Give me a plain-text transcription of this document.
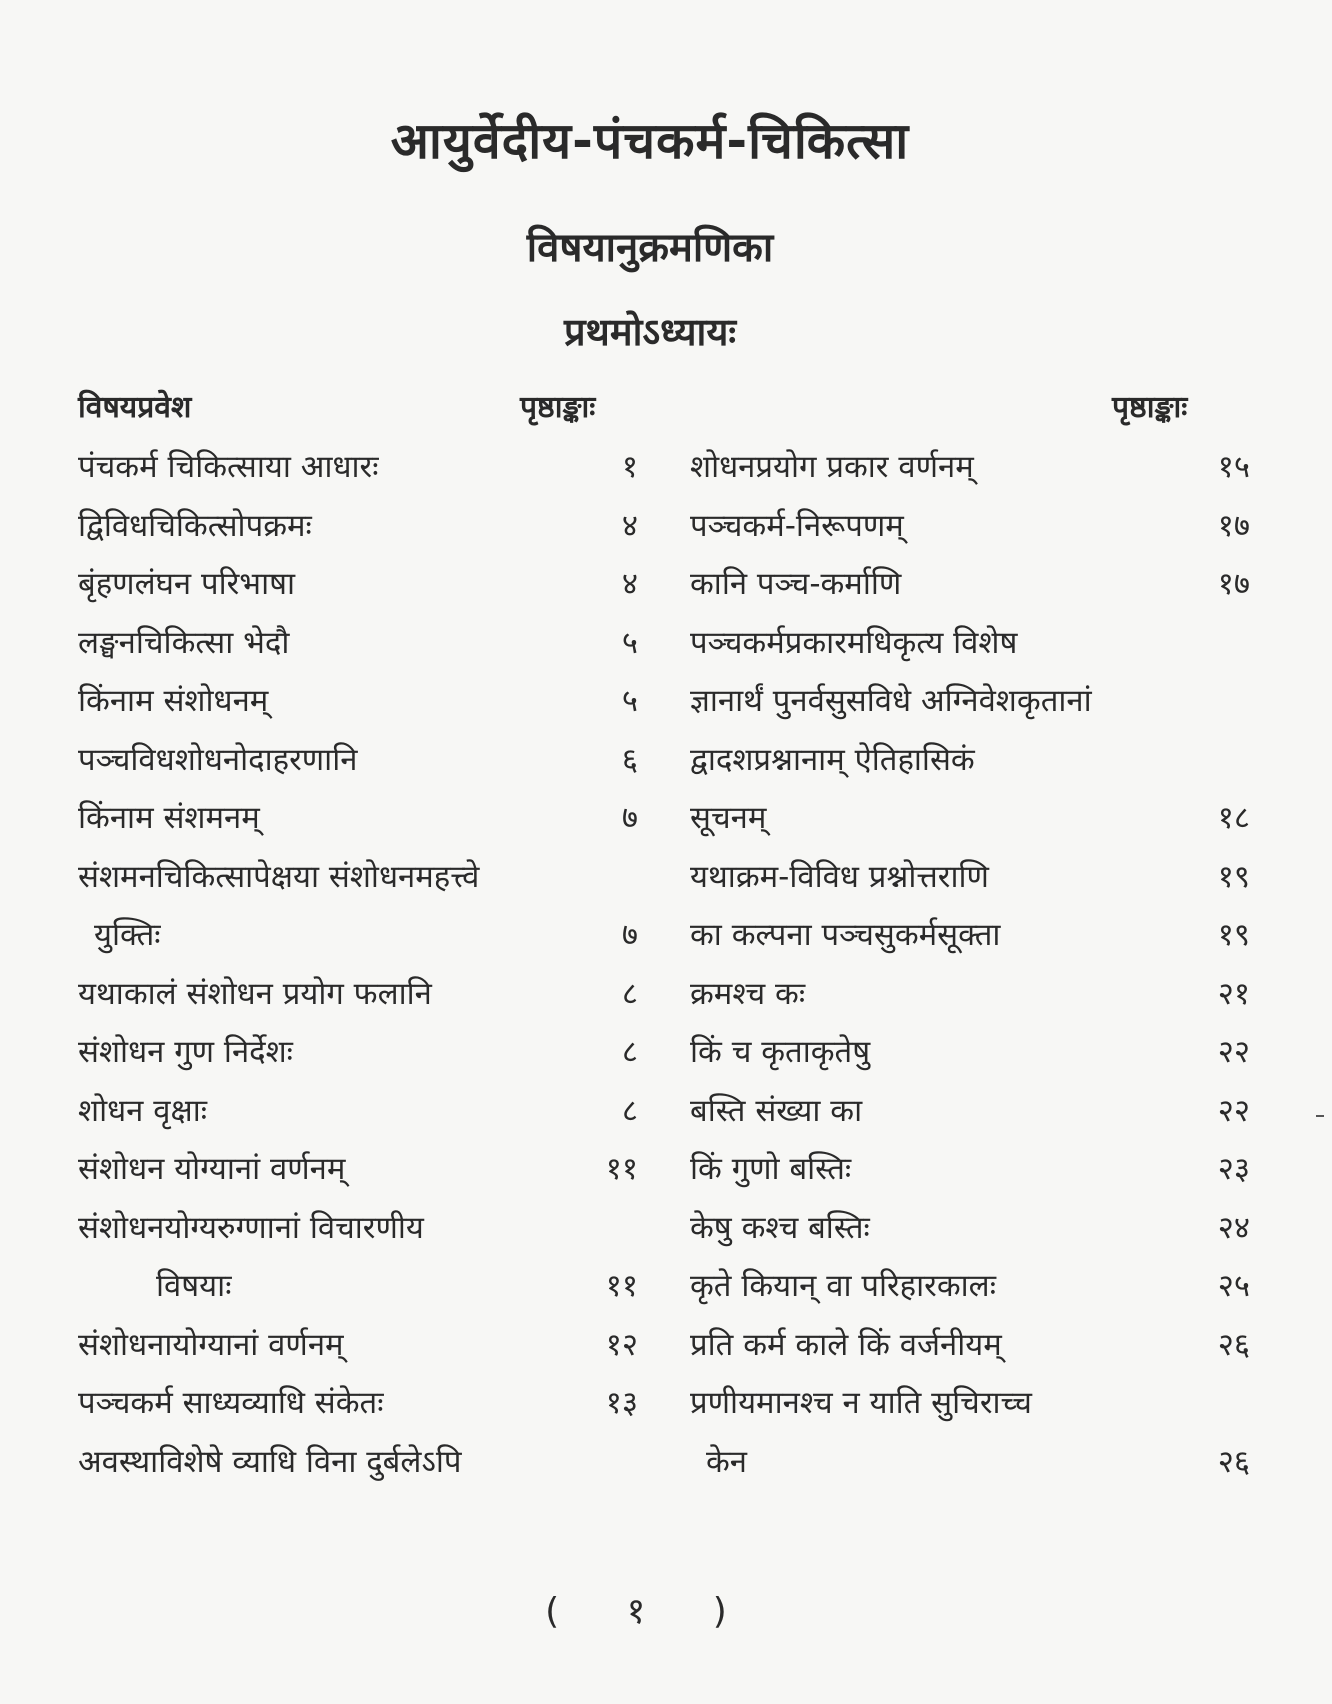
आयुर्वेदीय-पंचकर्म-चिकित्सा
विषयानुक्रमणिका
प्रथमोऽध्यायः
विषयप्रवेश	पृष्ठाङ्काः	पृष्ठाङ्काः
पंचकर्म चिकित्साया आधारः	१
द्विविधचिकित्सोपक्रमः	४
बृंहणलंघन परिभाषा	४
लङ्घनचिकित्सा भेदौ	५
किंनाम संशोधनम्	५
पञ्चविधशोधनोदाहरणानि	६
किंनाम संशमनम्	७
संशमनचिकित्सापेक्षया संशोधनमहत्त्वे
युक्तिः	७
यथाकालं संशोधन प्रयोग फलानि	८
संशोधन गुण निर्देशः	८
शोधन वृक्षाः	८
संशोधन योग्यानां वर्णनम्	११
संशोधनयोग्यरुग्णानां विचारणीय
विषयाः	११
संशोधनायोग्यानां वर्णनम्	१२
पञ्चकर्म साध्यव्याधि संकेतः	१३
अवस्थाविशेषे व्याधि विना दुर्बलेऽपि
शोधनप्रयोग प्रकार वर्णनम्	१५
पञ्चकर्म-निरूपणम्	१७
कानि पञ्च-कर्माणि	१७
पञ्चकर्मप्रकारमधिकृत्य विशेष
ज्ञानार्थं पुनर्वसुसविधे अग्निवेशकृतानां
द्वादशप्रश्नानाम् ऐतिहासिकं
सूचनम्	१८
यथाक्रम-विविध प्रश्नोत्तराणि	१९
का कल्पना पञ्चसुकर्मसूक्ता	१९
क्रमश्च कः	२१
किं च कृताकृतेषु	२२
बस्ति संख्या का	२२
किं गुणो बस्तिः	२३
केषु कश्च बस्तिः	२४
कृते कियान् वा परिहारकालः	२५
प्रति कर्म काले किं वर्जनीयम्	२६
प्रणीयमानश्च न याति सुचिराच्च
केन	२६
( १ )
